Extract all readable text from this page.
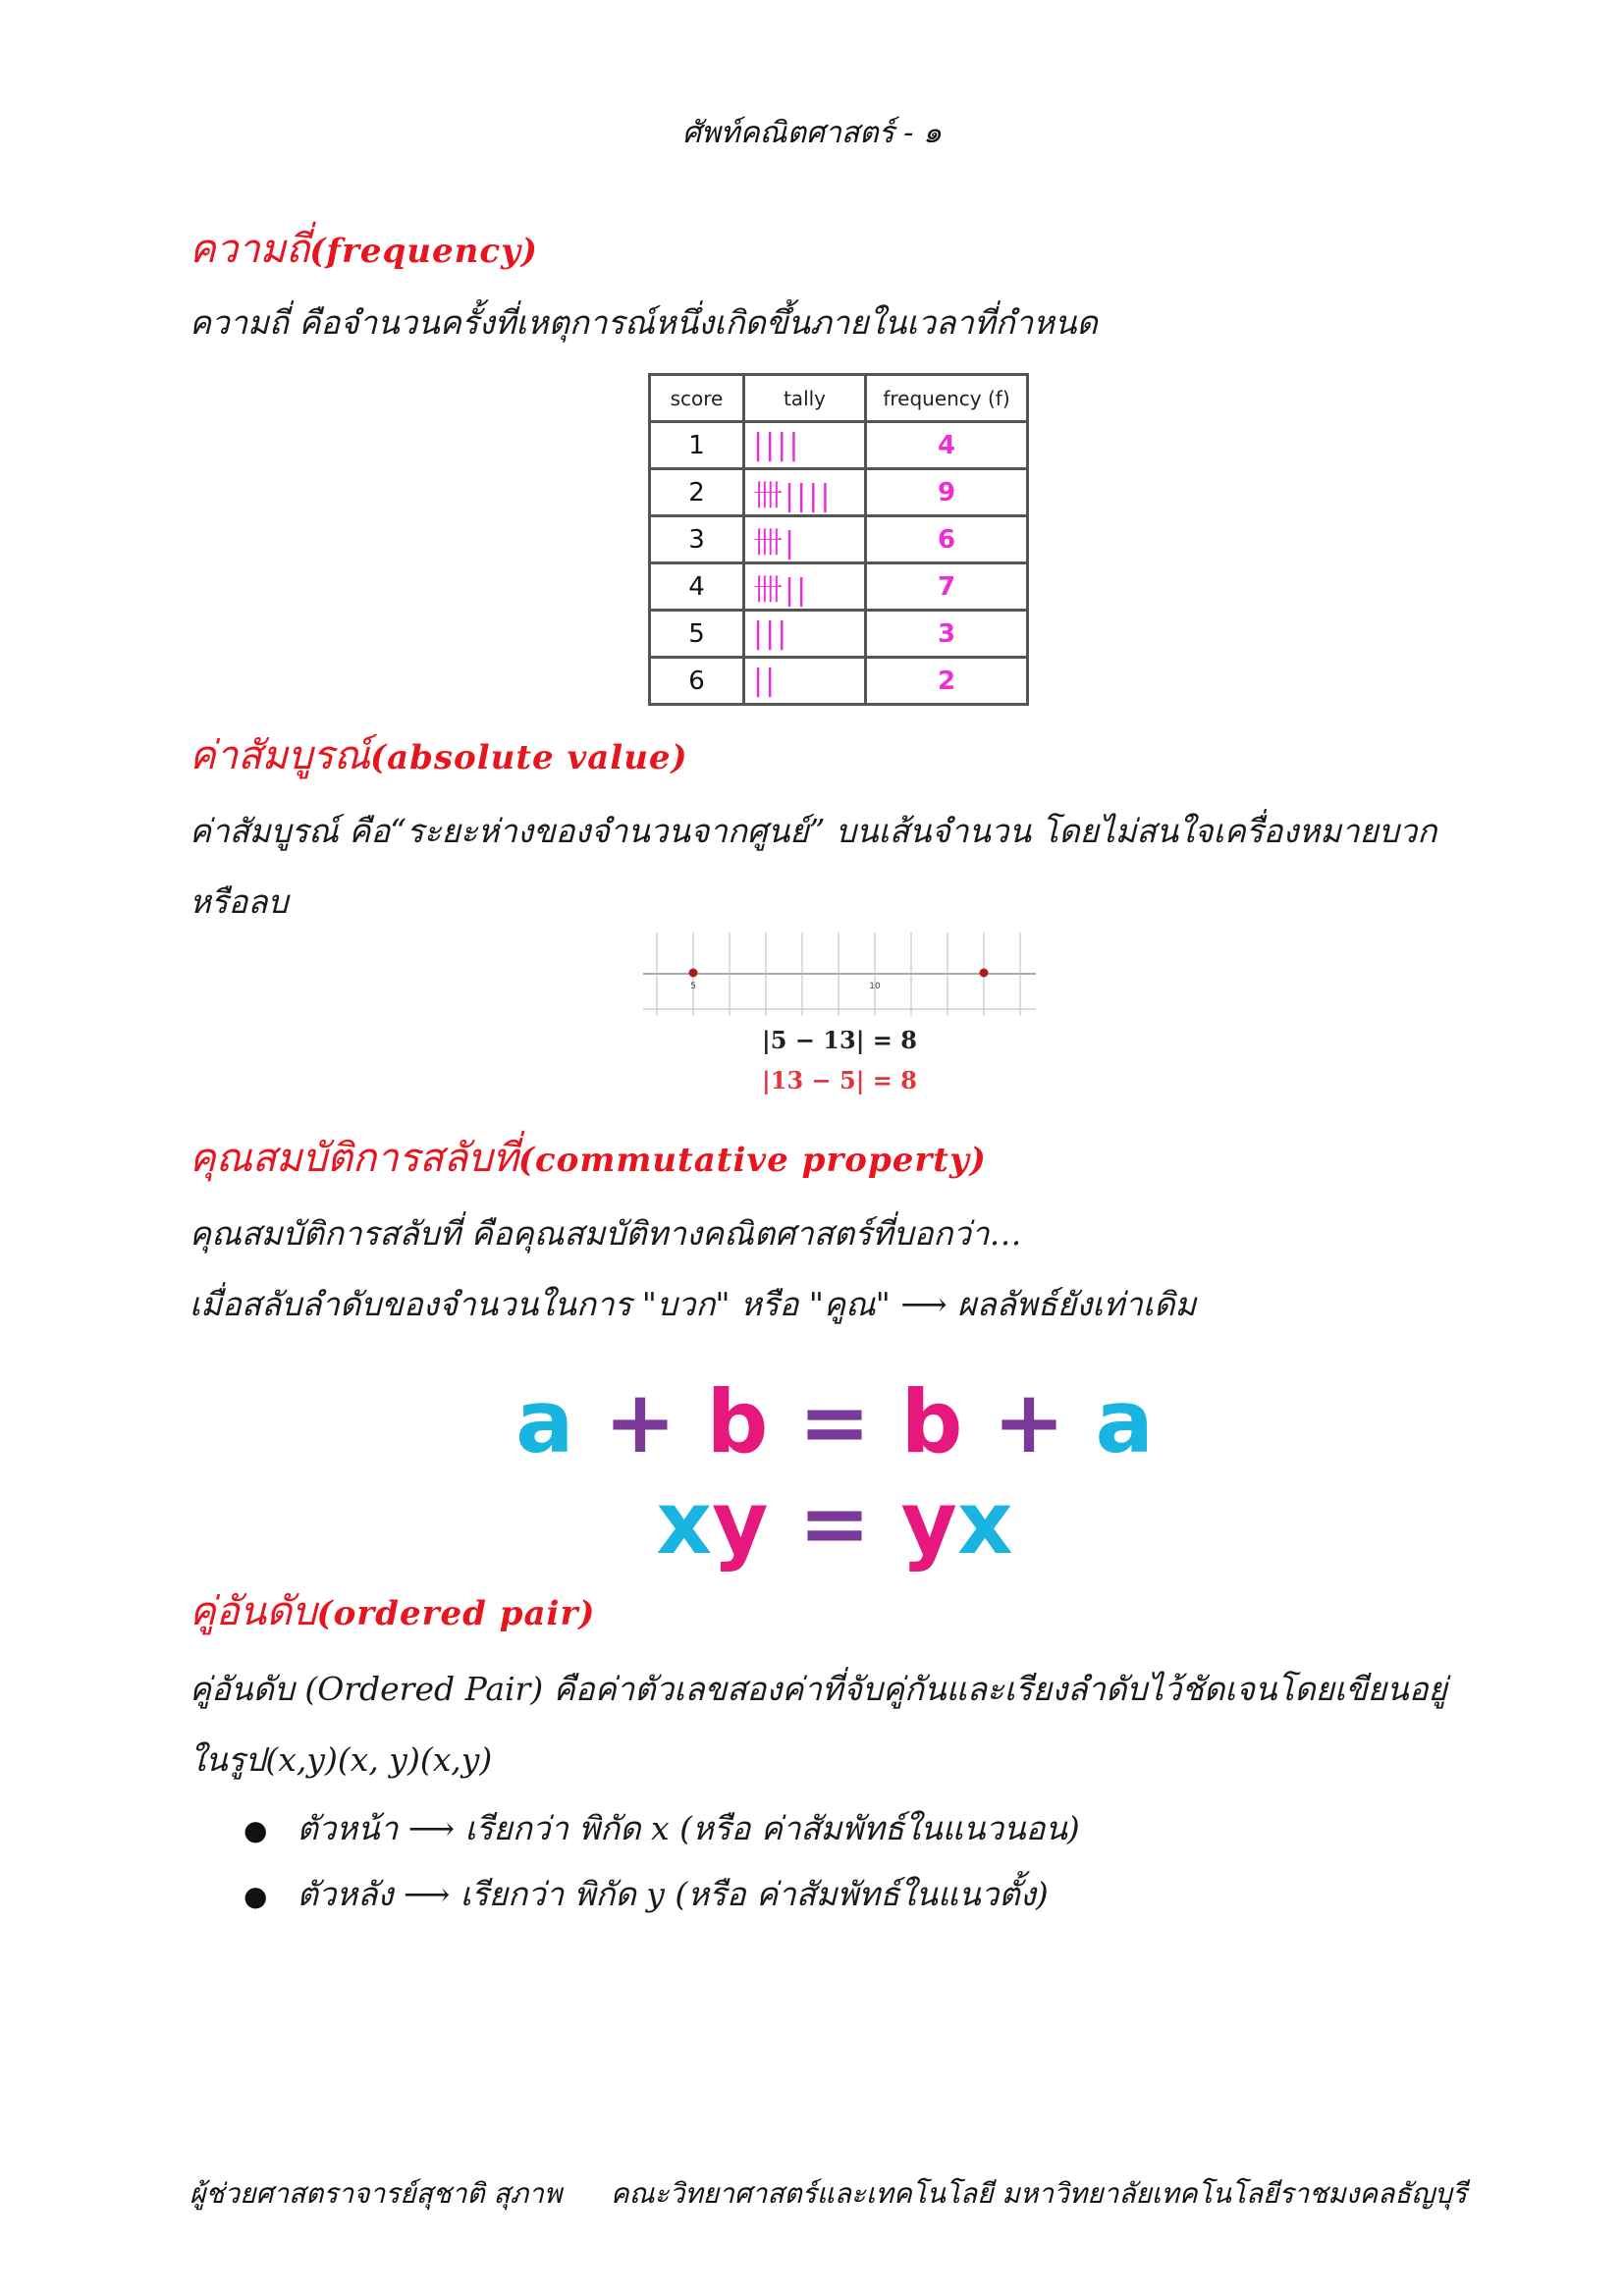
ศัพท์คณิตศาสตร์ - ๑
ความถี่(frequency)
ความถี่ คือจำนวนครั้งที่เหตุการณ์หนึ่งเกิดขึ้นภายในเวลาที่กำหนด
score	tally	frequency (f)
1	||||	4
2	卌||||	9
3	卌|	6
4	卌||	7
5	|||	3
6	||	2
ค่าสัมบูรณ์(absolute value)
ค่าสัมบูรณ์ คือ“ระยะห่างของจำนวนจากศูนย์” บนเส้นจำนวน โดยไม่สนใจเครื่องหมายบวก
หรือลบ
5	10
|5 − 13| = 8
|13 − 5| = 8
คุณสมบัติการสลับที่(commutative property)
คุณสมบัติการสลับที่ คือคุณสมบัติทางคณิตศาสตร์ที่บอกว่า…
เมื่อสลับลำดับของจำนวนในการ "บวก" หรือ "คูณ" ⟶ ผลลัพธ์ยังเท่าเดิม
a + b = b + a
xy = yx
คู่อันดับ(ordered pair)
คู่อันดับ (Ordered Pair) คือค่าตัวเลขสองค่าที่จับคู่กันและเรียงลำดับไว้ชัดเจนโดยเขียนอยู่
ในรูป(x,y)(x, y)(x,y)
● ตัวหน้า ⟶ เรียกว่า พิกัด x (หรือ ค่าสัมพัทธ์ในแนวนอน)
● ตัวหลัง ⟶ เรียกว่า พิกัด y (หรือ ค่าสัมพัทธ์ในแนวตั้ง)
ผู้ช่วยศาสตราจารย์สุชาติ สุภาพ คณะวิทยาศาสตร์และเทคโนโลยี มหาวิทยาลัยเทคโนโลยีราชมงคลธัญบุรี
